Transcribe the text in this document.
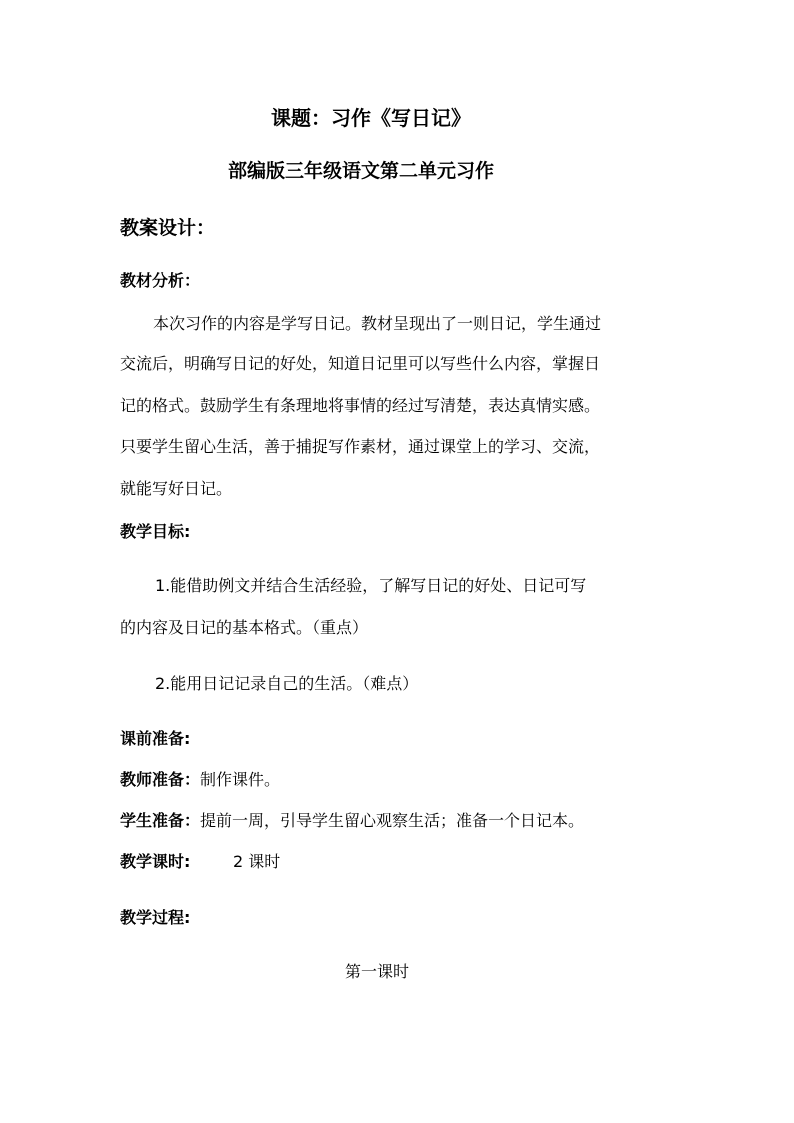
课题：习作《写日记》
部编版三年级语文第二单元习作
教案设计：
教材分析：
本次习作的内容是学写日记。教材呈现出了一则日记，学生通过
交流后，明确写日记的好处，知道日记里可以写些什么内容，掌握日
记的格式。鼓励学生有条理地将事情的经过写清楚，表达真情实感。
只要学生留心生活，善于捕捉写作素材，通过课堂上的学习、交流，
就能写好日记。
教学目标:
1.能借助例文并结合生活经验，了解写日记的好处、日记可写
的内容及日记的基本格式。（重点）
2.能用日记记录自己的生活。（难点）
课前准备:
教师准备：制作课件。
学生准备：提前一周，引导学生留心观察生活；准备一个日记本。
教学课时:	2 课时
教学过程:
第一课时
